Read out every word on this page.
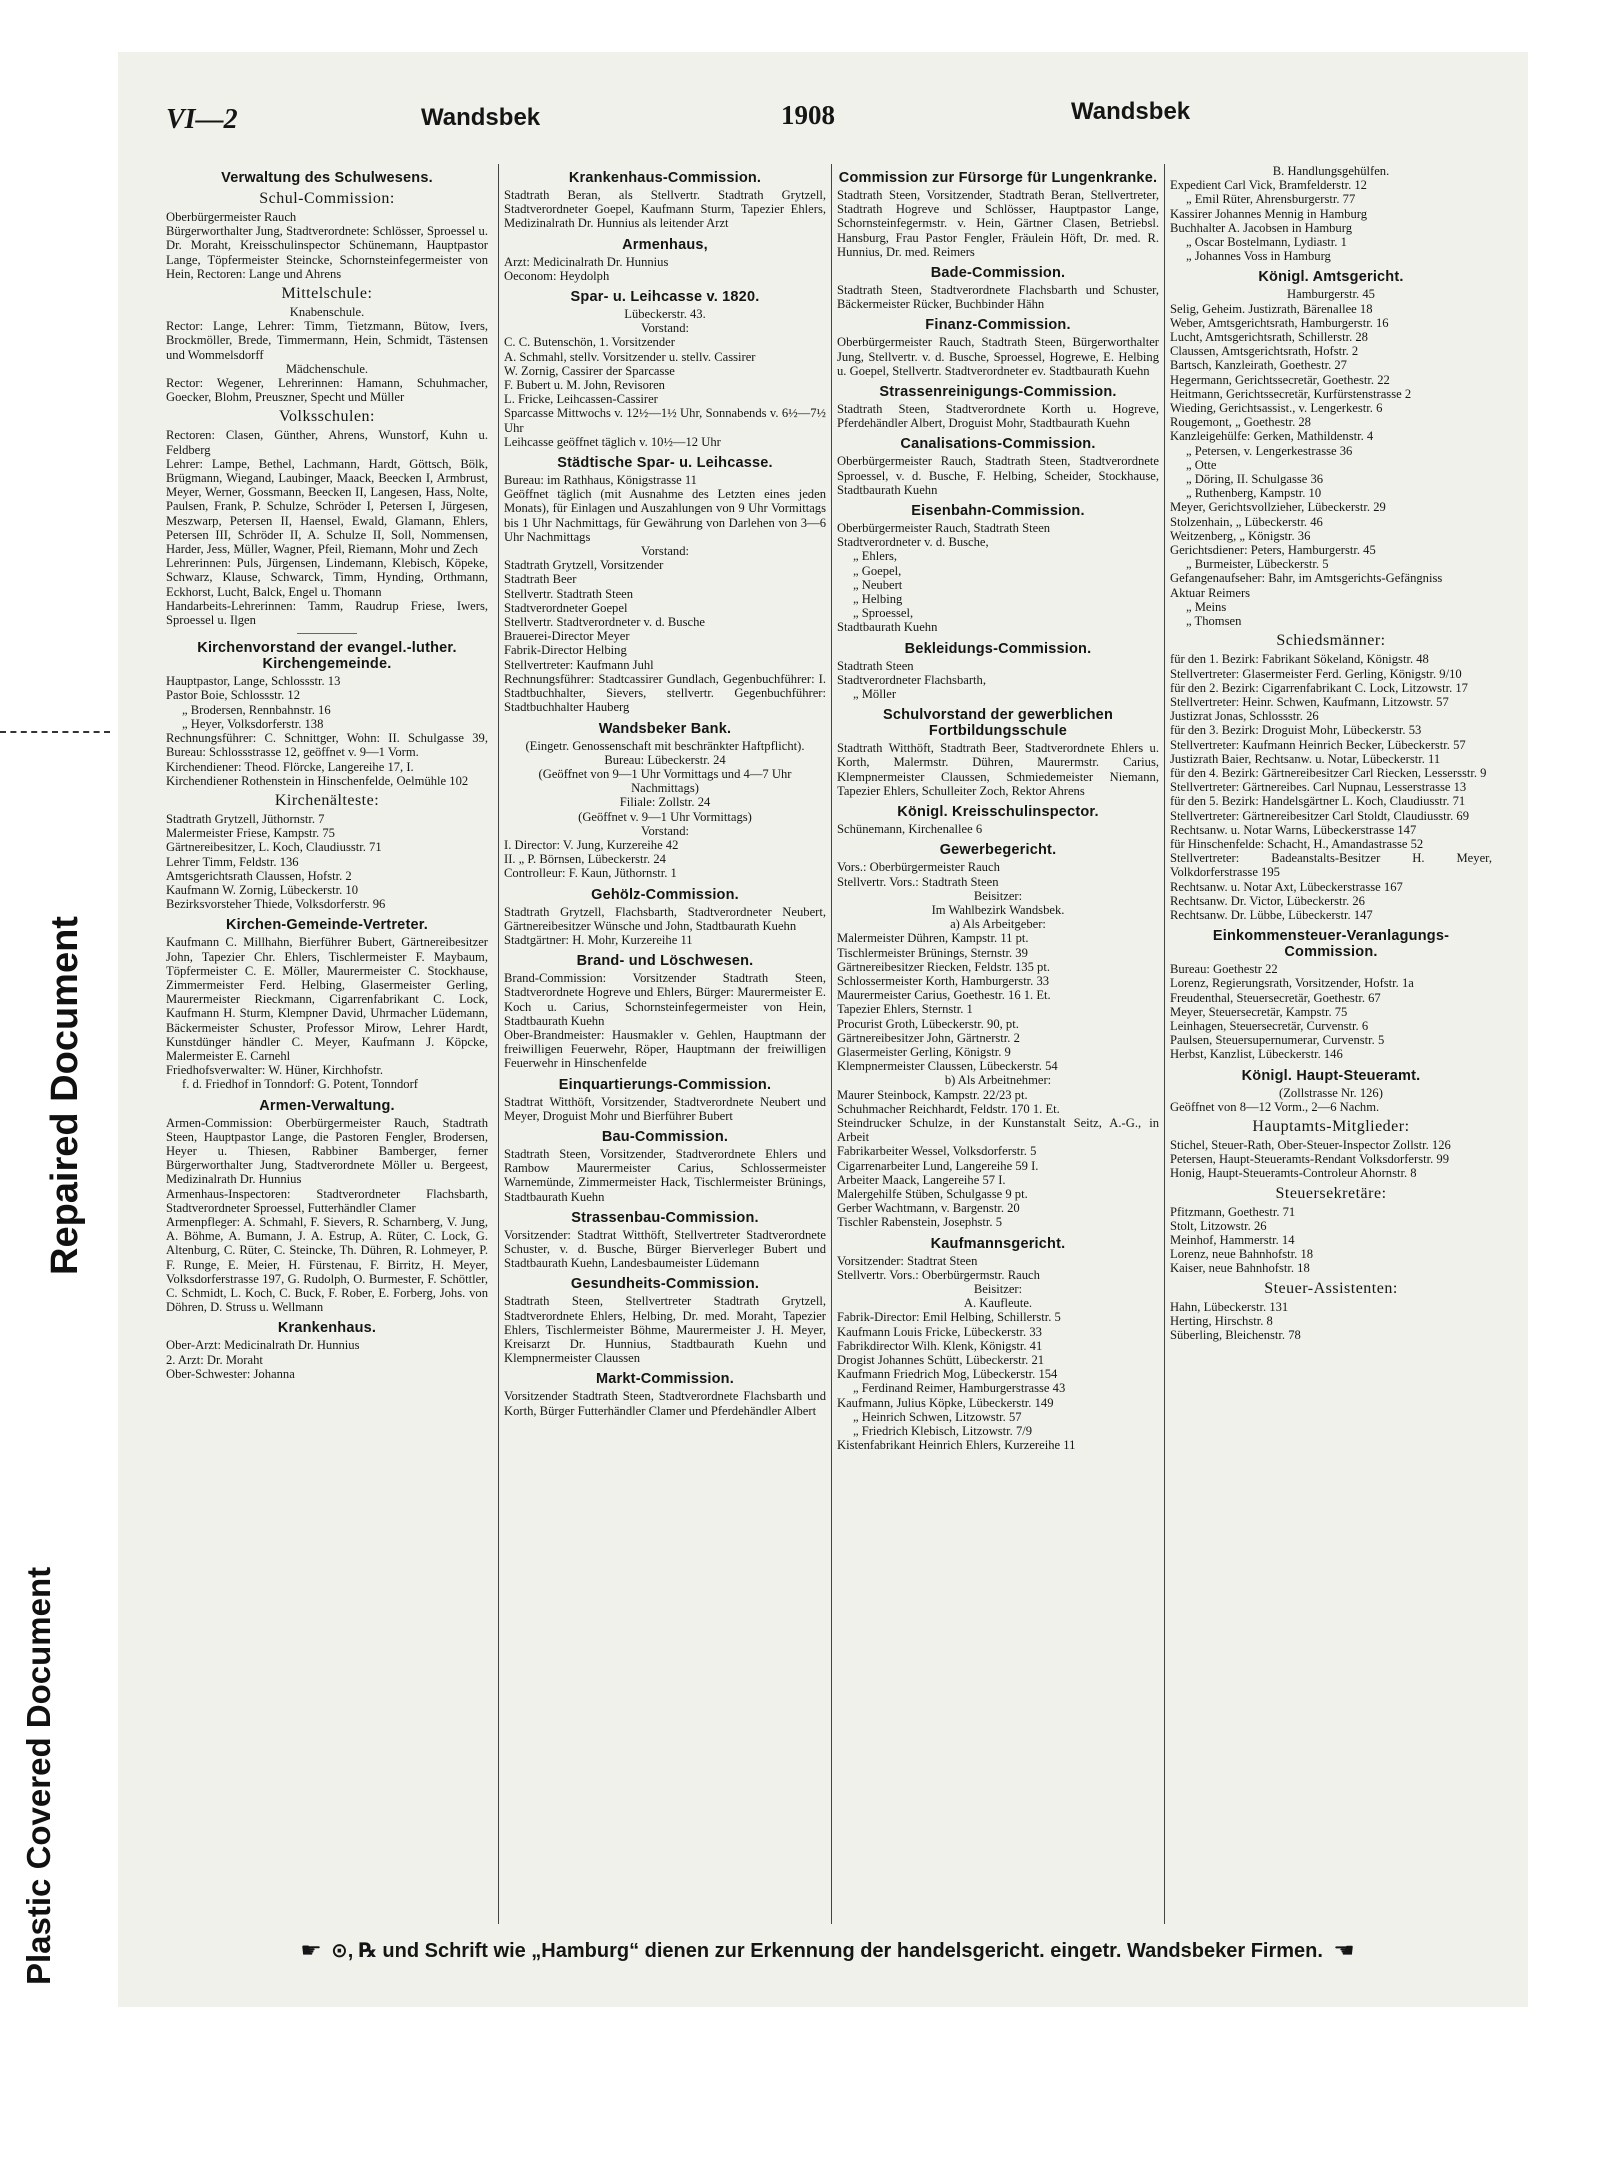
Repaired Document
Plastic Covered Document
VI—2	Wandsbek	1908	Wandsbek
Verwaltung des Schulwesens.
Schul-Commission:

Oberbürgermeister Rauch

Bürgerworthalter Jung, Stadtverordnete: Schlösser, Sproessel u. Dr. Moraht, Kreisschulinspector Schünemann, Hauptpastor Lange, Töpfermeister Steincke, Schornsteinfegermeister von Hein, Rectoren: Lange und Ahrens

Mittelschule:

Knabenschule.

Rector: Lange, Lehrer: Timm, Tietzmann, Bütow, Ivers, Brockmöller, Brede, Timmermann, Hein, Schmidt, Tästensen und Wommelsdorff

Mädchenschule.

Rector: Wegener, Lehrerinnen: Hamann, Schuhmacher, Goecker, Blohm, Preuszner, Specht und Müller

Volksschulen:

Rectoren: Clasen, Günther, Ahrens, Wunstorf, Kuhn u. Feldberg

Lehrer: Lampe, Bethel, Lachmann, Hardt, Göttsch, Bölk, Brügmann, Wiegand, Laubinger, Maack, Beecken I, Armbrust, Meyer, Werner, Gossmann, Beecken II, Langesen, Hass, Nolte, Paulsen, Frank, P. Schulze, Schröder I, Petersen I, Jürgesen, Meszwarp, Petersen II, Haensel, Ewald, Glamann, Ehlers, Petersen III, Schröder II, A. Schulze II, Soll, Nommensen, Harder, Jess, Müller, Wagner, Pfeil, Riemann, Mohr und Zech

Lehrerinnen: Puls, Jürgensen, Lindemann, Klebisch, Köpeke, Schwarz, Klause, Schwarck, Timm, Hynding, Orthmann, Eckhorst, Lucht, Balck, Engel u. Thomann

Handarbeits-Lehrerinnen: Tamm, Raudrup Friese, Iwers, Sproessel u. Ilgen

Kirchenvorstand der evangel.-luther. Kirchengemeinde.

Hauptpastor, Lange, Schlossstr. 13

Pastor Boie, Schlossstr. 12

„ Brodersen, Rennbahnstr. 16

„ Heyer, Volksdorferstr. 138

Rechnungsführer: C. Schnittger, Wohn: II. Schulgasse 39, Bureau: Schlossstrasse 12, geöffnet v. 9—1 Vorm.

Kirchendiener: Theod. Flörcke, Langereihe 17, I.

Kirchendiener Rothenstein in Hinschenfelde, Oelmühle 102

Kirchenälteste:

Stadtrath Grytzell, Jüthornstr. 7

Malermeister Friese, Kampstr. 75

Gärtnereibesitzer, L. Koch, Claudiusstr. 71

Lehrer Timm, Feldstr. 136

Amtsgerichtsrath Claussen, Hofstr. 2

Kaufmann W. Zornig, Lübeckerstr. 10

Bezirksvorsteher Thiede, Volksdorferstr. 96

Kirchen-Gemeinde-Vertreter.

Kaufmann C. Millhahn, Bierführer Bubert, Gärtnereibesitzer John, Tapezier Chr. Ehlers, Tischlermeister F. Maybaum, Töpfermeister C. E. Möller, Maurermeister C. Stockhause, Zimmermeister Ferd. Helbing, Glasermeister Gerling, Maurermeister Rieckmann, Cigarrenfabrikant C. Lock, Kaufmann H. Sturm, Klempner David, Uhrmacher Lüdemann, Bäckermeister Schuster, Professor Mirow, Lehrer Hardt, Kunstdünger händler C. Meyer, Kaufmann J. Köpcke, Malermeister E. Carnehl

Friedhofsverwalter: W. Hüner, Kirchhofstr.

f. d. Friedhof in Tonndorf: G. Potent, Tonndorf

Armen-Verwaltung.

Armen-Commission: Oberbürgermeister Rauch, Stadtrath Steen, Hauptpastor Lange, die Pastoren Fengler, Brodersen, Heyer u. Thiesen, Rabbiner Bamberger, ferner Bürgerworthalter Jung, Stadtverordnete Möller u. Bergeest, Medizinalrath Dr. Hunnius

Armenhaus-Inspectoren: Stadtverordneter Flachsbarth, Stadtverordneter Sproessel, Futterhändler Clamer

Armenpfleger: A. Schmahl, F. Sievers, R. Scharnberg, V. Jung, A. Böhme, A. Bumann, J. A. Estrup, A. Rüter, C. Lock, G. Altenburg, C. Rüter, C. Steincke, Th. Dühren, R. Lohmeyer, P. F. Runge, E. Meier, H. Fürstenau, F. Birritz, H. Meyer, Volksdorferstrasse 197, G. Rudolph, O. Burmester, F. Schöttler, C. Schmidt, L. Koch, C. Buck, F. Rober, E. Forberg, Johs. von Döhren, D. Struss u. Wellmann

Krankenhaus.

Ober-Arzt: Medicinalrath Dr. Hunnius

2. Arzt: Dr. Moraht

Ober-Schwester: Johanna

Krankenhaus-Commission.

Stadtrath Beran, als Stellvertr. Stadtrath Grytzell, Stadtverordneter Goepel, Kaufmann Sturm, Tapezier Ehlers, Medizinalrath Dr. Hunnius als leitender Arzt

Armenhaus,

Arzt: Medicinalrath Dr. Hunnius

Oeconom: Heydolph

Spar- u. Leihcasse v. 1820.

Lübeckerstr. 43.

Vorstand:

C. C. Butenschön, 1. Vorsitzender

A. Schmahl, stellv. Vorsitzender u. stellv. Cassirer

W. Zornig, Cassirer der Sparcasse

F. Bubert u. M. John, Revisoren

L. Fricke, Leihcassen-Cassirer

Sparcasse Mittwochs v. 12½—1½ Uhr, Sonnabends v. 6½—7½ Uhr

Leihcasse geöffnet täglich v. 10½—12 Uhr

Städtische Spar- u. Leihcasse.

Bureau: im Rathhaus, Königstrasse 11

Geöffnet täglich (mit Ausnahme des Letzten eines jeden Monats), für Einlagen und Auszahlungen von 9 Uhr Vormittags bis 1 Uhr Nachmittags, für Gewährung von Darlehen von 3—6 Uhr Nachmittags

Vorstand:

Stadtrath Grytzell, Vorsitzender

Stadtrath Beer

Stellvertr. Stadtrath Steen

Stadtverordneter Goepel

Stellvertr. Stadtverordneter v. d. Busche

Brauerei-Director Meyer

Fabrik-Director Helbing

Stellvertreter: Kaufmann Juhl

Rechnungsführer: Stadtcassirer Gundlach, Gegenbuchführer: I. Stadtbuchhalter, Sievers, stellvertr. Gegenbuchführer: Stadtbuchhalter Hauberg

Wandsbeker Bank.

(Eingetr. Genossenschaft mit beschränkter Haftpflicht).

Bureau: Lübeckerstr. 24

(Geöffnet von 9—1 Uhr Vormittags und 4—7 Uhr Nachmittags)

Filiale: Zollstr. 24

(Geöffnet v. 9—1 Uhr Vormittags)

Vorstand:

I. Director: V. Jung, Kurzereihe 42

II. „ P. Börnsen, Lübeckerstr. 24

Controlleur: F. Kaun, Jüthornstr. 1

Gehölz-Commission.

Stadtrath Grytzell, Flachsbarth, Stadtverordneter Neubert, Gärtnereibesitzer Wünsche und John, Stadtbaurath Kuehn

Stadtgärtner: H. Mohr, Kurzereihe 11

Brand- und Löschwesen.

Brand-Commission: Vorsitzender Stadtrath Steen, Stadtverordnete Hogreve und Ehlers, Bürger: Maurermeister E. Koch u. Carius, Schornsteinfegermeister von Hein, Stadtbaurath Kuehn

Ober-Brandmeister: Hausmakler v. Gehlen, Hauptmann der freiwilligen Feuerwehr, Röper, Hauptmann der freiwilligen Feuerwehr in Hinschenfelde

Einquartierungs-Commission.

Stadtrat Witthöft, Vorsitzender, Stadtverordnete Neubert und Meyer, Droguist Mohr und Bierführer Bubert

Bau-Commission.

Stadtrath Steen, Vorsitzender, Stadtverordnete Ehlers und Rambow Maurermeister Carius, Schlossermeister Warnemünde, Zimmermeister Hack, Tischlermeister Brünings, Stadtbaurath Kuehn

Strassenbau-Commission.

Vorsitzender: Stadtrat Witthöft, Stellvertreter Stadtverordnete Schuster, v. d. Busche, Bürger Bierverleger Bubert und Stadtbaurath Kuehn, Landesbaumeister Lüdemann

Gesundheits-Commission.

Stadtrath Steen, Stellvertreter Stadtrath Grytzell, Stadtverordnete Ehlers, Helbing, Dr. med. Moraht, Tapezier Ehlers, Tischlermeister Böhme, Maurermeister J. H. Meyer, Kreisarzt Dr. Hunnius, Stadtbaurath Kuehn und Klempnermeister Claussen

Markt-Commission.

Vorsitzender Stadtrath Steen, Stadtverordnete Flachsbarth und Korth, Bürger Futterhändler Clamer und Pferdehändler Albert

Commission zur Fürsorge für Lungenkranke.

Stadtrath Steen, Vorsitzender, Stadtrath Beran, Stellvertreter, Stadtrath Hogreve und Schlösser, Hauptpastor Lange, Schornsteinfegermstr. v. Hein, Gärtner Clasen, Betriebsl. Hansburg, Frau Pastor Fengler, Fräulein Höft, Dr. med. R. Hunnius, Dr. med. Reimers

Bade-Commission.

Stadtrath Steen, Stadtverordnete Flachsbarth und Schuster, Bäckermeister Rücker, Buchbinder Hähn

Finanz-Commission.

Oberbürgermeister Rauch, Stadtrath Steen, Bürgerworthalter Jung, Stellvertr. v. d. Busche, Sproessel, Hogrewe, E. Helbing u. Goepel, Stellvertr. Stadtverordneter ev. Stadtbaurath Kuehn

Strassenreinigungs-Commission.

Stadtrath Steen, Stadtverordnete Korth u. Hogreve, Pferdehändler Albert, Droguist Mohr, Stadtbaurath Kuehn

Canalisations-Commission.

Oberbürgermeister Rauch, Stadtrath Steen, Stadtverordnete Sproessel, v. d. Busche, F. Helbing, Scheider, Stockhause, Stadtbaurath Kuehn

Eisenbahn-Commission.

Oberbürgermeister Rauch, Stadtrath Steen

Stadtverordneter v. d. Busche,

„ Ehlers,

„ Goepel,

„ Neubert

„ Helbing

„ Sproessel,

Stadtbaurath Kuehn

Bekleidungs-Commission.

Stadtrath Steen

Stadtverordneter Flachsbarth,

„ Möller

Schulvorstand der gewerblichen Fortbildungsschule

Stadtrath Witthöft, Stadtrath Beer, Stadtverordnete Ehlers u. Korth, Malermstr. Dühren, Maurermstr. Carius, Klempnermeister Claussen, Schmiedemeister Niemann, Tapezier Ehlers, Schulleiter Zoch, Rektor Ahrens

Königl. Kreisschulinspector.

Schünemann, Kirchenallee 6

Gewerbegericht.

Vors.: Oberbürgermeister Rauch

Stellvertr. Vors.: Stadtrath Steen

Beisitzer:

Im Wahlbezirk Wandsbek.

a) Als Arbeitgeber:

Malermeister Dühren, Kampstr. 11 pt.

Tischlermeister Brünings, Sternstr. 39

Gärtnereibesitzer Riecken, Feldstr. 135 pt.

Schlossermeister Korth, Hamburgerstr. 33

Maurermeister Carius, Goethestr. 16 1. Et.

Tapezier Ehlers, Sternstr. 1

Procurist Groth, Lübeckerstr. 90, pt.

Gärtnereibesitzer John, Gärtnerstr. 2

Glasermeister Gerling, Königstr. 9

Klempnermeister Claussen, Lübeckerstr. 54

b) Als Arbeitnehmer:

Maurer Steinbock, Kampstr. 22/23 pt.

Schuhmacher Reichhardt, Feldstr. 170 1. Et.

Steindrucker Schulze, in der Kunstanstalt Seitz, A.-G., in Arbeit

Fabrikarbeiter Wessel, Volksdorferstr. 5

Cigarrenarbeiter Lund, Langereihe 59 I.

Arbeiter Maack, Langereihe 57 I.

Malergehilfe Stüben, Schulgasse 9 pt.

Gerber Wachtmann, v. Bargenstr. 20

Tischler Rabenstein, Josephstr. 5

Kaufmannsgericht.

Vorsitzender: Stadtrat Steen

Stellvertr. Vors.: Oberbürgermstr. Rauch

Beisitzer:

A. Kaufleute.

Fabrik-Director: Emil Helbing, Schillerstr. 5

Kaufmann Louis Fricke, Lübeckerstr. 33

Fabrikdirector Wilh. Klenk, Königstr. 41

Drogist Johannes Schütt, Lübeckerstr. 21

Kaufmann Friedrich Mog, Lübeckerstr. 154

„ Ferdinand Reimer, Hamburgerstrasse 43

Kaufmann, Julius Köpke, Lübeckerstr. 149

„ Heinrich Schwen, Litzowstr. 57

„ Friedrich Klebisch, Litzowstr. 7/9

Kistenfabrikant Heinrich Ehlers, Kurzereihe 11

B. Handlungsgehülfen.

Expedient Carl Vick, Bramfelderstr. 12

„ Emil Rüter, Ahrensburgerstr. 77

Kassirer Johannes Mennig in Hamburg

Buchhalter A. Jacobsen in Hamburg

„ Oscar Bostelmann, Lydiastr. 1

„ Johannes Voss in Hamburg

Königl. Amtsgericht.

Hamburgerstr. 45

Selig, Geheim. Justizrath, Bärenallee 18

Weber, Amtsgerichtsrath, Hamburgerstr. 16

Lucht, Amtsgerichtsrath, Schillerstr. 28

Claussen, Amtsgerichtsrath, Hofstr. 2

Bartsch, Kanzleirath, Goethestr. 27

Hegermann, Gerichtssecretär, Goethestr. 22

Heitmann, Gerichtssecretär, Kurfürstenstrasse 2

Wieding, Gerichtsassist., v. Lengerkestr. 6

Rougemont, „ Goethestr. 28

Kanzleigehülfe: Gerken, Mathildenstr. 4

„ Petersen, v. Lengerkestrasse 36

„ Otte

„ Döring, II. Schulgasse 36

„ Ruthenberg, Kampstr. 10

Meyer, Gerichtsvollzieher, Lübeckerstr. 29

Stolzenhain, „ Lübeckerstr. 46

Weitzenberg, „ Königstr. 36

Gerichtsdiener: Peters, Hamburgerstr. 45

„ Burmeister, Lübeckerstr. 5

Gefangenaufseher: Bahr, im Amtsgerichts-Gefängniss

Aktuar Reimers

„ Meins

„ Thomsen

Schiedsmänner:

für den 1. Bezirk: Fabrikant Sökeland, Königstr. 48

Stellvertreter: Glasermeister Ferd. Gerling, Königstr. 9/10

für den 2. Bezirk: Cigarrenfabrikant C. Lock, Litzowstr. 17

Stellvertreter: Heinr. Schwen, Kaufmann, Litzowstr. 57

Justizrat Jonas, Schlossstr. 26

für den 3. Bezirk: Droguist Mohr, Lübeckerstr. 53

Stellvertreter: Kaufmann Heinrich Becker, Lübeckerstr. 57

Justizrath Baier, Rechtsanw. u. Notar, Lübeckerstr. 11

für den 4. Bezirk: Gärtnereibesitzer Carl Riecken, Lessersstr. 9

Stellvertreter: Gärtnereibes. Carl Nupnau, Lesserstrasse 13

für den 5. Bezirk: Handelsgärtner L. Koch, Claudiusstr. 71

Stellvertreter: Gärtnereibesitzer Carl Stoldt, Claudiusstr. 69

Rechtsanw. u. Notar Warns, Lübeckerstrasse 147

für Hinschenfelde: Schacht, H., Amandastrasse 52

Stellvertreter: Badeanstalts-Besitzer H. Meyer, Volkdorferstrasse 195

Rechtsanw. u. Notar Axt, Lübeckerstrasse 167

Rechtsanw. Dr. Victor, Lübeckerstr. 26

Rechtsanw. Dr. Lübbe, Lübeckerstr. 147

Einkommensteuer-Veranlagungs-Commission.

Bureau: Goethestr 22

Lorenz, Regierungsrath, Vorsitzender, Hofstr. 1a

Freudenthal, Steuersecretär, Goethestr. 67

Meyer, Steuersecretär, Kampstr. 75

Leinhagen, Steuersecretär, Curvenstr. 6

Paulsen, Steuersupernumerar, Curvenstr. 5

Herbst, Kanzlist, Lübeckerstr. 146

Königl. Haupt-Steueramt.

(Zollstrasse Nr. 126)

Geöffnet von 8—12 Vorm., 2—6 Nachm.

Hauptamts-Mitglieder:

Stichel, Steuer-Rath, Ober-Steuer-Inspector Zollstr. 126

Petersen, Haupt-Steueramts-Rendant Volksdorferstr. 99

Honig, Haupt-Steueramts-Controleur Ahornstr. 8

Steuersekretäre:

Pfitzmann, Goethestr. 71

Stolt, Litzowstr. 26

Meinhof, Hammerstr. 14

Lorenz, neue Bahnhofstr. 18

Kaiser, neue Bahnhofstr. 18

Steuer-Assistenten:

Hahn, Lübeckerstr. 131

Herting, Hirschstr. 8

Süberling, Bleichenstr. 78

☛ ⊙, ℞ und Schrift wie „Hamburg“ dienen zur Erkennung der handelsgericht. eingetr. Wandsbeker Firmen. ☚
